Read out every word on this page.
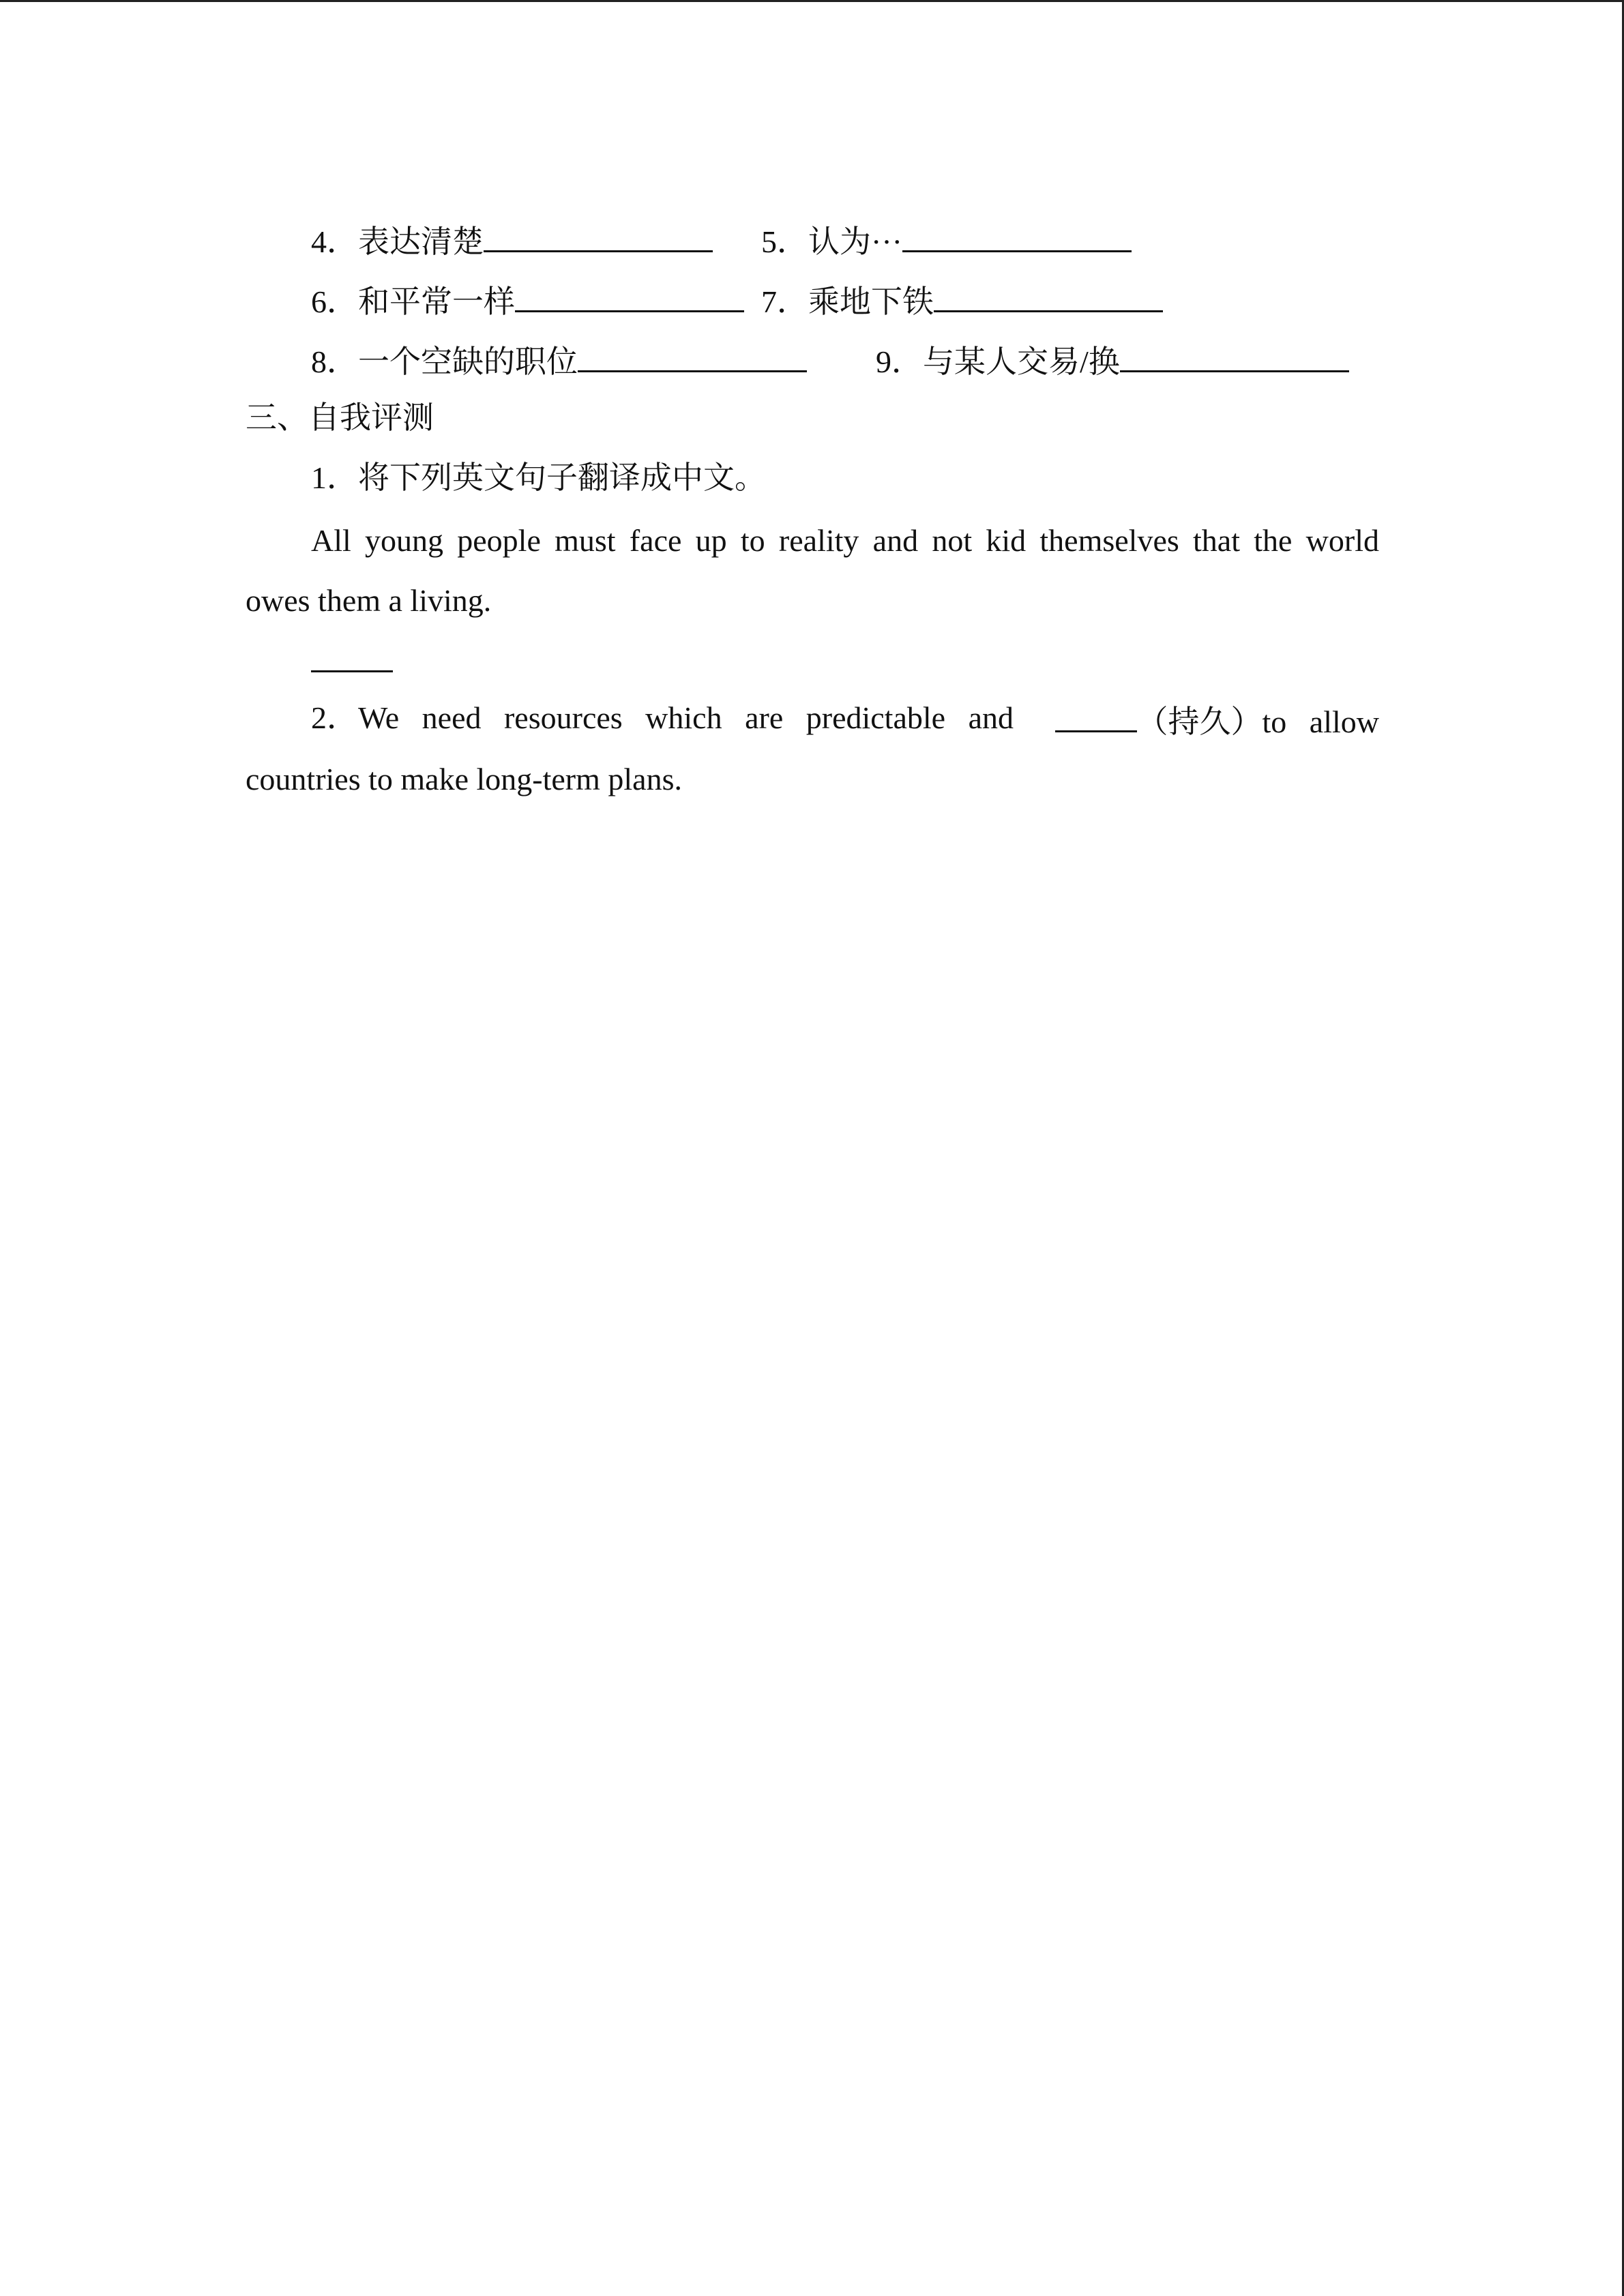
4．表达清楚	5．认为···
6．和平常一样	7．乘地下铁
8．一个空缺的职位	9．与某人交易/换
三、自我评测
1．将下列英文句子翻译成中文。
All young people must face up to reality and not kid themselves that the world
owes them a living.
2．We need resources which are predictable and	（持久）to allow
countries to make long-term plans.
